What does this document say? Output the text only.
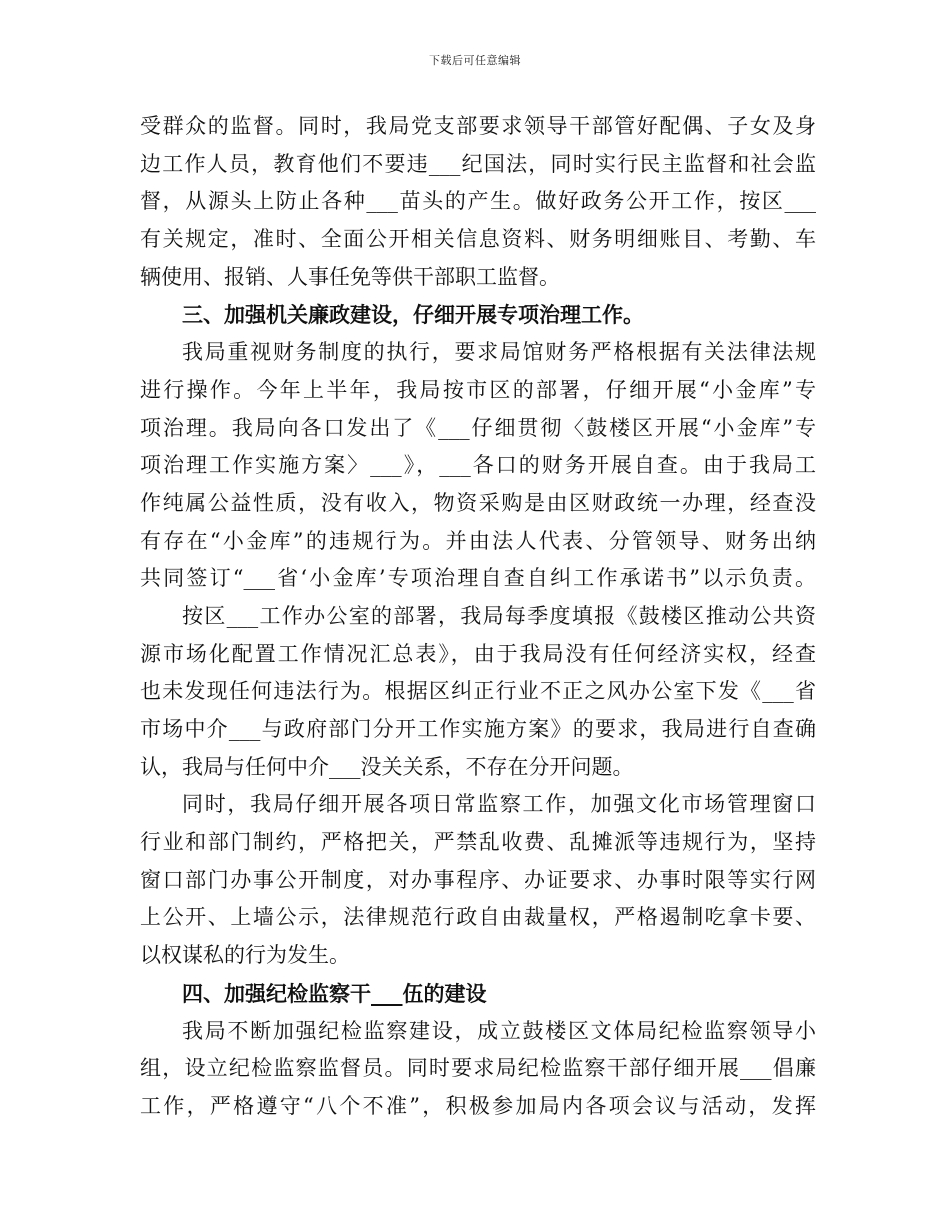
下载后可任意编辑
受群众的监督。同时，我局党支部要求领导干部管好配偶、子女及身
边工作人员，教育他们不要违___纪国法，同时实行民主监督和社会监
督，从源头上防止各种___苗头的产生。做好政务公开工作，按区___
有关规定，准时、全面公开相关信息资料、财务明细账目、考勤、车
辆使用、报销、人事任免等供干部职工监督。
三、加强机关廉政建设，仔细开展专项治理工作。
我局重视财务制度的执行，要求局馆财务严格根据有关法律法规
进行操作。今年上半年，我局按市区的部署，仔细开展“小金库”专
项治理。我局向各口发出了《___仔细贯彻〈鼓楼区开展“小金库”专
项治理工作实施方案〉___》，___各口的财务开展自查。由于我局工
作纯属公益性质，没有收入，物资采购是由区财政统一办理，经查没
有存在“小金库”的违规行为。并由法人代表、分管领导、财务出纳
共同签订“___省‘小金库’专项治理自查自纠工作承诺书”以示负责。
按区___工作办公室的部署，我局每季度填报《鼓楼区推动公共资
源市场化配置工作情况汇总表》，由于我局没有任何经济实权，经查
也未发现任何违法行为。根据区纠正行业不正之风办公室下发《___省
市场中介___与政府部门分开工作实施方案》的要求，我局进行自查确
认，我局与任何中介___没关关系，不存在分开问题。
同时，我局仔细开展各项日常监察工作，加强文化市场管理窗口
行业和部门制约，严格把关，严禁乱收费、乱摊派等违规行为，坚持
窗口部门办事公开制度，对办事程序、办证要求、办事时限等实行网
上公开、上墙公示，法律规范行政自由裁量权，严格遏制吃拿卡要、
以权谋私的行为发生。
四、加强纪检监察干___伍的建设
我局不断加强纪检监察建设，成立鼓楼区文体局纪检监察领导小
组，设立纪检监察监督员。同时要求局纪检监察干部仔细开展___倡廉
工作，严格遵守“八个不准”，积极参加局内各项会议与活动，发挥
